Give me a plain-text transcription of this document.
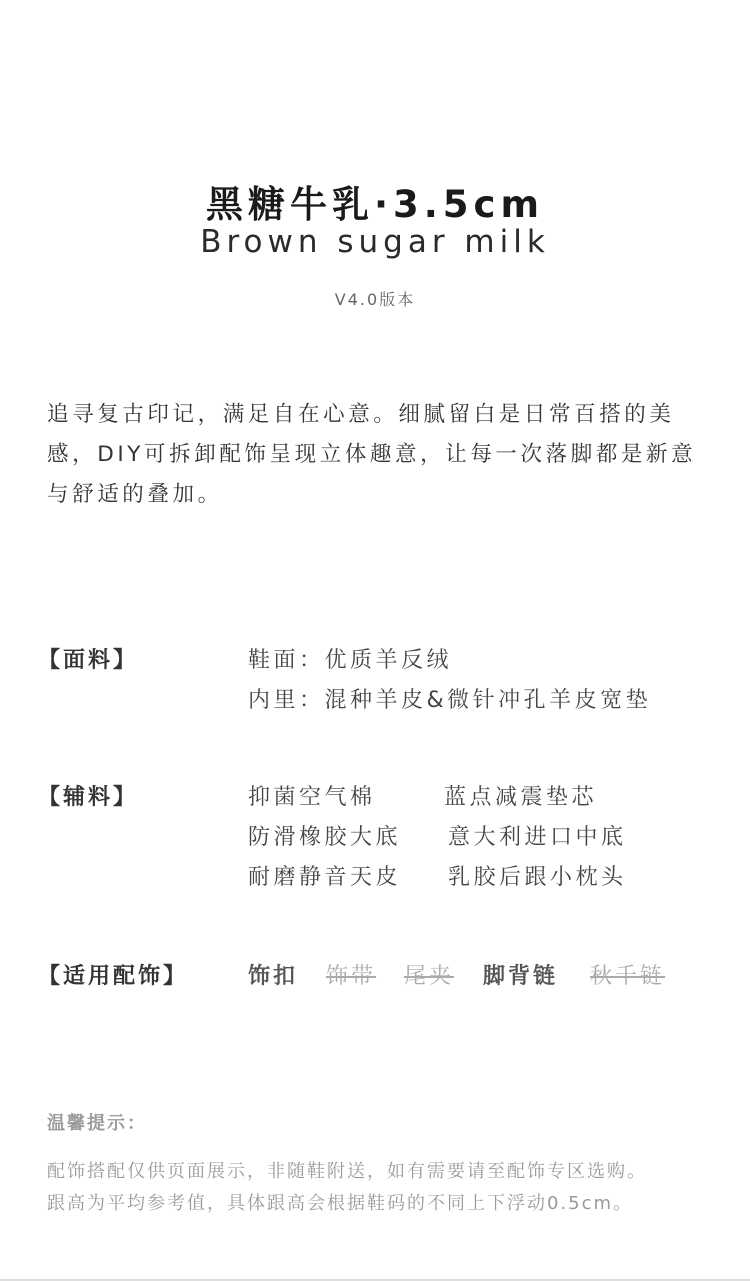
黑糖牛乳·3.5cm
Brown sugar milk
V4.0版本
追寻复古印记，满足自在心意。细腻留白是日常百搭的美感，DIY可拆卸配饰呈现立体趣意，让每一次落脚都是新意与舒适的叠加。
【面料】	鞋面：优质羊反绒
内里：混种羊皮&微针冲孔羊皮宽垫
【辅料】	抑菌空气棉	蓝点减震垫芯
防滑橡胶大底 意大利进口中底
耐磨静音天皮 乳胶后跟小枕头
【适用配饰】	饰扣 饰带 尾夹 脚背链 秋千链
温馨提示：
配饰搭配仅供页面展示，非随鞋附送，如有需要请至配饰专区选购。
跟高为平均参考值，具体跟高会根据鞋码的不同上下浮动0.5cm。
